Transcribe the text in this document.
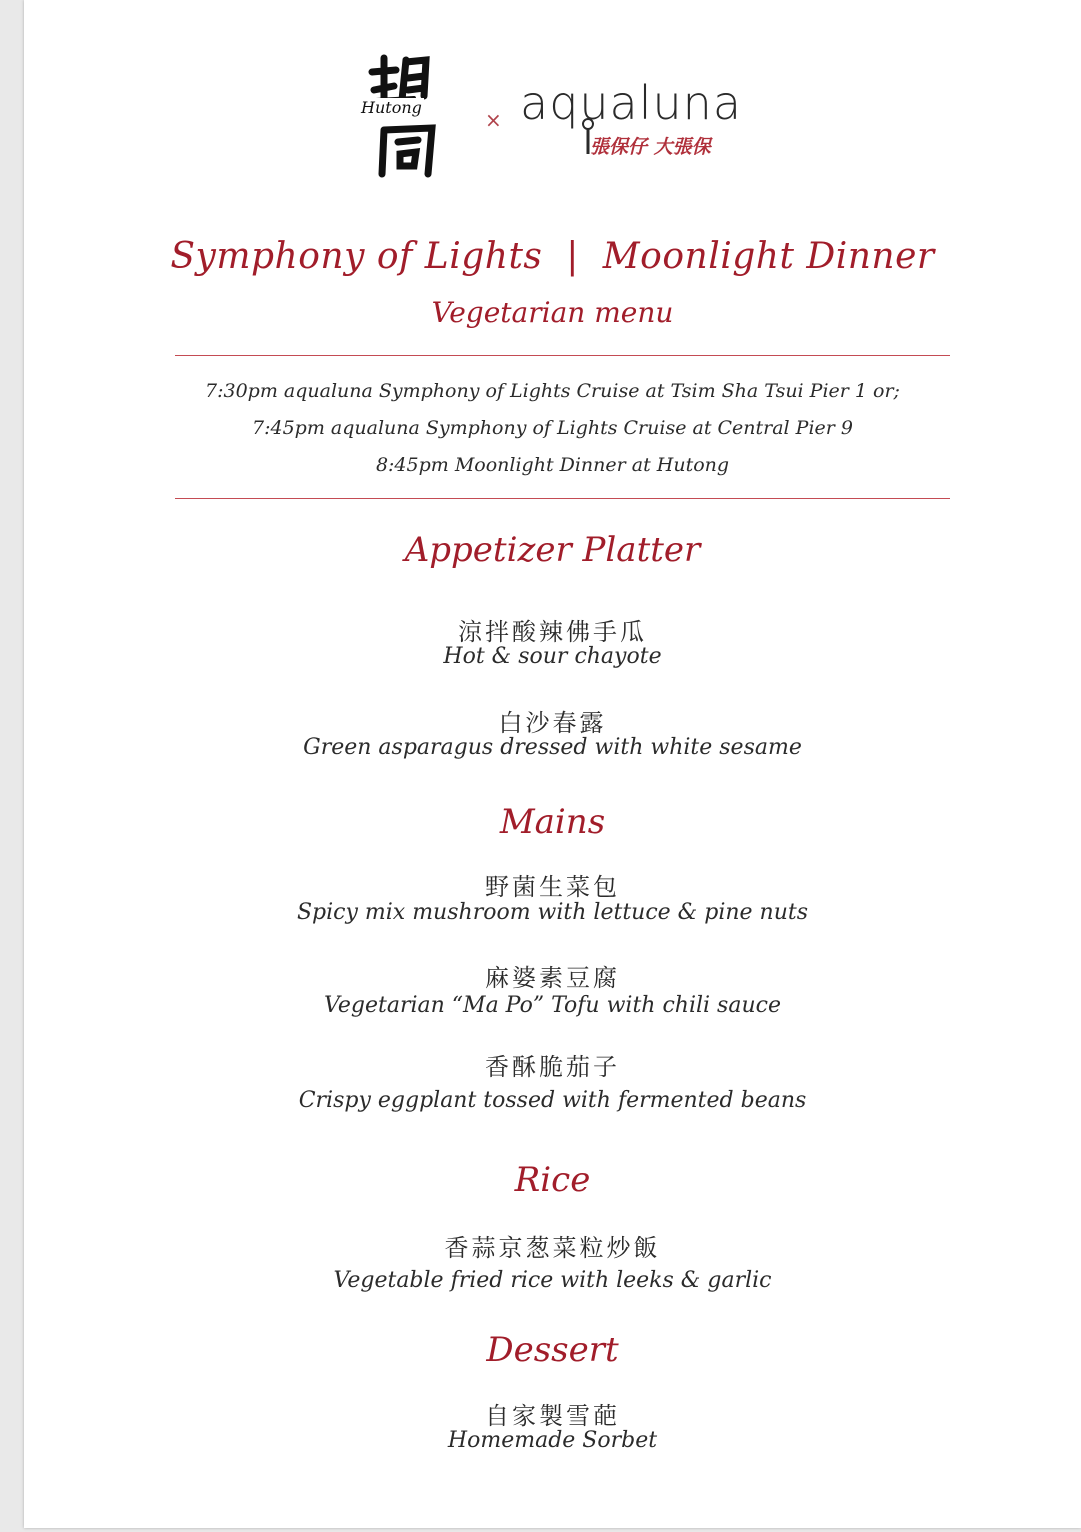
Hutong
× aqualuna
張保仔 大張保
Symphony of Lights  |  Moonlight Dinner
Vegetarian menu
7:30pm aqualuna Symphony of Lights Cruise at Tsim Sha Tsui Pier 1 or;
7:45pm aqualuna Symphony of Lights Cruise at Central Pier 9
8:45pm Moonlight Dinner at Hutong
Appetizer Platter
涼拌酸辣佛手瓜
Hot & sour chayote
白沙春露
Green asparagus dressed with white sesame
Mains
野菌生菜包
Spicy mix mushroom with lettuce & pine nuts
麻婆素豆腐
Vegetarian “Ma Po” Tofu with chili sauce
香酥脆茄子
Crispy eggplant tossed with fermented beans
Rice
香蒜京葱菜粒炒飯
Vegetable fried rice with leeks & garlic
Dessert
自家製雪葩
Homemade Sorbet
